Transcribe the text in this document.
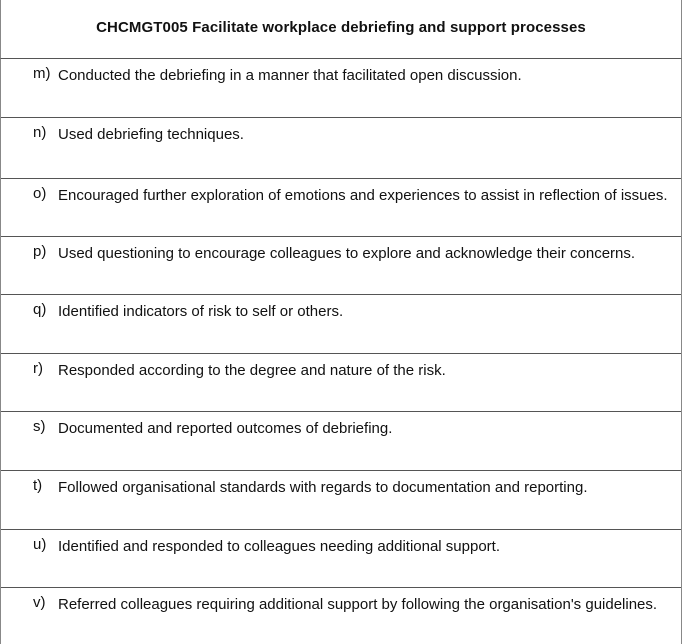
CHCMGT005 Facilitate workplace debriefing and support processes
m) Conducted the debriefing in a manner that facilitated open discussion.
n) Used debriefing techniques.
o) Encouraged further exploration of emotions and experiences to assist in reflection of issues.
p) Used questioning to encourage colleagues to explore and acknowledge their concerns.
q) Identified indicators of risk to self or others.
r) Responded according to the degree and nature of the risk.
s) Documented and reported outcomes of debriefing.
t) Followed organisational standards with regards to documentation and reporting.
u) Identified and responded to colleagues needing additional support.
v) Referred colleagues requiring additional support by following the organisation's guidelines.
